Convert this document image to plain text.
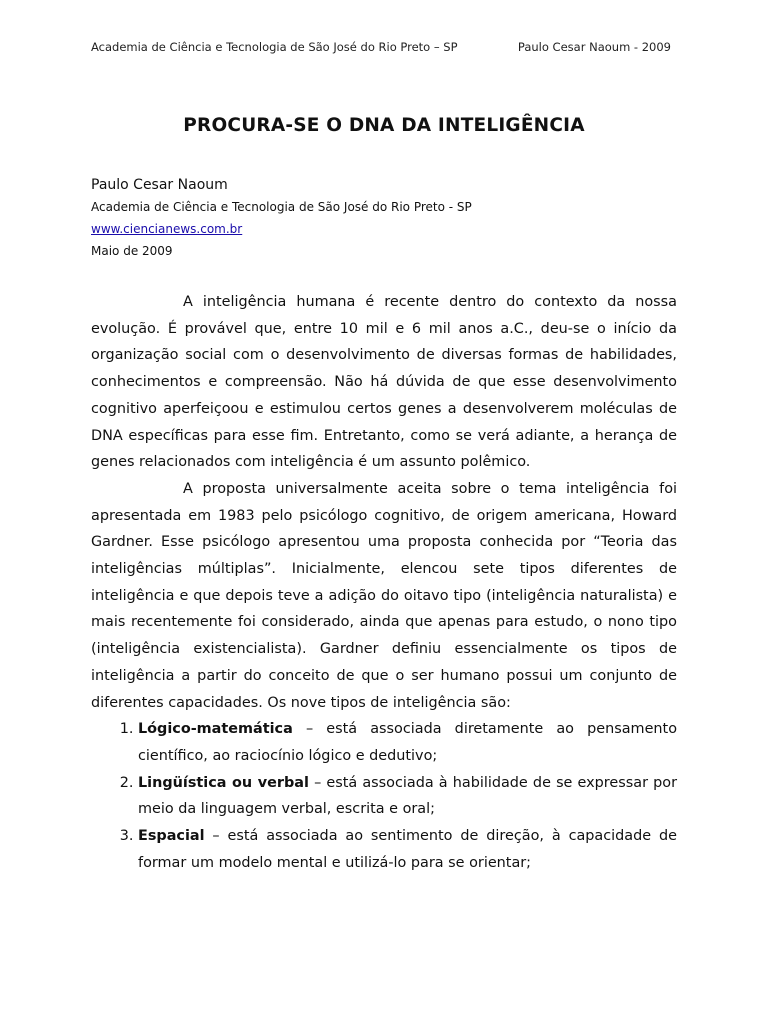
Academia de Ciência e Tecnologia de São José do Rio Preto – SP	Paulo Cesar Naoum - 2009
PROCURA-SE O DNA DA INTELIGÊNCIA
Paulo Cesar Naoum
Academia de Ciência e Tecnologia de São José do Rio Preto - SP
www.ciencianews.com.br
Maio de 2009

A inteligência humana é recente dentro do contexto da nossa evolução. É provável que, entre 10 mil e 6 mil anos a.C., deu-se o início da organização social com o desenvolvimento de diversas formas de habilidades, conhecimentos e compreensão. Não há dúvida de que esse desenvolvimento cognitivo aperfeiçoou e estimulou certos genes a desenvolverem moléculas de DNA específicas para esse fim. Entretanto, como se verá adiante, a herança de genes relacionados com inteligência é um assunto polêmico.

A proposta universalmente aceita sobre o tema inteligência foi apresentada em 1983 pelo psicólogo cognitivo, de origem americana, Howard Gardner. Esse psicólogo apresentou uma proposta conhecida por “Teoria das inteligências múltiplas”. Inicialmente, elencou sete tipos diferentes de inteligência e que depois teve a adição do oitavo tipo (inteligência naturalista) e mais recentemente foi considerado, ainda que apenas para estudo, o nono tipo (inteligência existencialista). Gardner definiu essencialmente os tipos de inteligência a partir do conceito de que o ser humano possui um conjunto de diferentes capacidades. Os nove tipos de inteligência são:

1. Lógico-matemática – está associada diretamente ao pensamento científico, ao raciocínio lógico e dedutivo;
2. Lingüística ou verbal – está associada à habilidade de se expressar por meio da linguagem verbal, escrita e oral;
3. Espacial – está associada ao sentimento de direção, à capacidade de formar um modelo mental e utilizá-lo para se orientar;
